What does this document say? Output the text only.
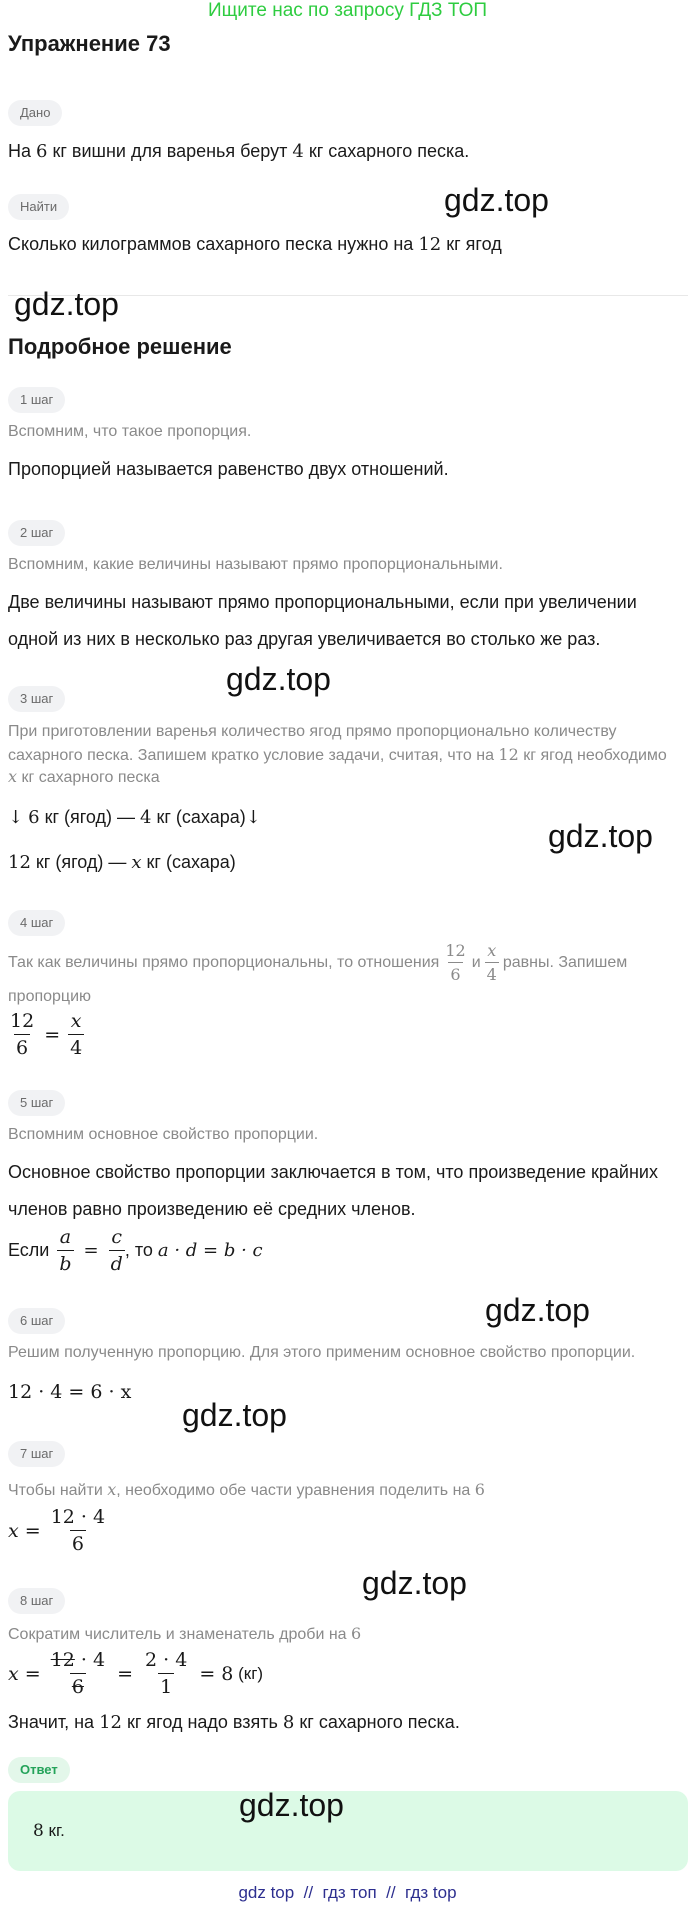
Ищите нас по запросу ГДЗ ТОП
Упражнение 73
Дано
На 6 кг вишни для варенья берут 4 кг сахарного песка.
Найти	gdz.top
Сколько килограммов сахарного песка нужно на 12 кг ягод
gdz.top
Подробное решение
1 шаг
Вспомним, что такое пропорция.
Пропорцией называется равенство двух отношений.
2 шаг
Вспомним, какие величины называют прямо пропорциональными.
Две величины называют прямо пропорциональными, если при увеличении
одной из них в несколько раз другая увеличивается во столько же раз.
gdz.top
3 шаг
При приготовлении варенья количество ягод прямо пропорционально количеству
сахарного песка. Запишем кратко условие задачи, считая, что на 12 кг ягод необходимо
x кг сахарного песка
↓ 6 кг (ягод) — 4 кг (сахара)↓
gdz.top
12 кг (ягод) — x кг (сахара)
4 шаг
Так как величины прямо пропорциональны, то отношения $\frac{12}{6}$ и $\frac{x}{4}$ равны. Запишем
пропорцию
$\frac{12}{6} = \frac{x}{4}$
5 шаг
Вспомним основное свойство пропорции.
Основное свойство пропорции заключается в том, что произведение крайних
членов равно произведению её средних членов.
Если $\frac{a}{b} = \frac{c}{d}$ , то a · d = b · c
gdz.top
6 шаг
Решим полученную пропорцию. Для этого применим основное свойство пропорции.
12 · 4 = 6 · x
gdz.top
7 шаг
Чтобы найти x, необходимо обе части уравнения поделить на 6
$x = \frac{12 \cdot 4}{6}$
gdz.top
8 шаг
Сократим числитель и знаменатель дроби на 6
$x = \frac{12 \cdot 4}{6} = \frac{2 \cdot 4}{1} = 8$ (кг)
Значит, на 12 кг ягод надо взять 8 кг сахарного песка.
Ответ
gdz.top
8 кг.
gdz top  //  гдз топ  //  гдз top
